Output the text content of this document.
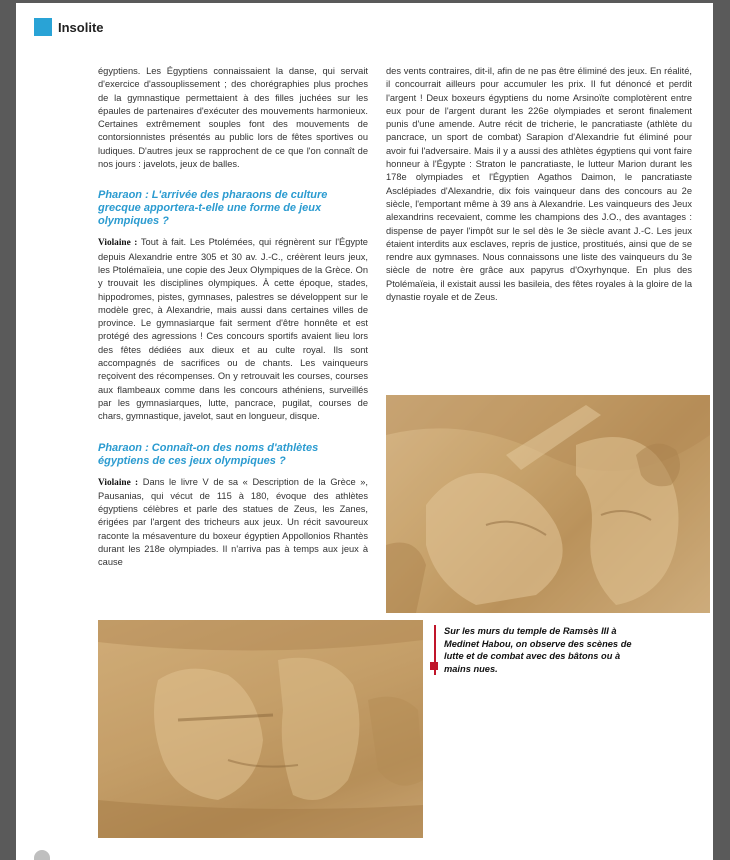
Insolite

égyptiens. Les Égyptiens connaissaient la danse, qui servait d'exercice d'assouplissement ; des chorégraphies plus proches de la gymnastique permettaient à des filles juchées sur les épaules de partenaires d'exécuter des mouvements harmonieux. Certaines extrêmement souples font des mouvements de contorsionnistes présentés au public lors de fêtes sportives ou ludiques. D'autres jeux se rapprochent de ce que l'on connaît de nos jours : javelots, jeux de balles.

Pharaon : L'arrivée des pharaons de culture grecque apportera-t-elle une forme de jeux olympiques ?

Violaine : Tout à fait. Les Ptolémées, qui régnèrent sur l'Égypte depuis Alexandrie entre 305 et 30 av. J.-C., créèrent leurs jeux, les Ptolémaïeia, une copie des Jeux Olympiques de la Grèce. On y trouvait les disciplines olympiques. À cette époque, stades, hippodromes, pistes, gymnases, palestres se développent sur le modèle grec, à Alexandrie, mais aussi dans certaines villes de province. Le gymnasiarque fait serment d'être honnête et est protégé des agressions ! Ces concours sportifs avaient lieu lors des fêtes dédiées aux dieux et au culte royal. Ils sont accompagnés de sacrifices ou de chants. Les vainqueurs reçoivent des récompenses. On y retrouvait les courses, courses aux flambeaux comme dans les concours athéniens, surveillés par les gymnasiarques, lutte, pancrace, pugilat, courses de chars, gymnastique, javelot, saut en longueur, disque.

Pharaon : Connaît-on des noms d'athlètes égyptiens de ces jeux olympiques ?

Violaine : Dans le livre V de sa « Description de la Grèce », Pausanias, qui vécut de 115 à 180, évoque des athlètes égyptiens célèbres et parle des statues de Zeus, les Zanes, érigées par l'argent des tricheurs aux jeux. Un récit savoureux raconte la mésaventure du boxeur égyptien Appollonios Rhantès durant les 218e olympiades. Il n'arriva pas à temps aux jeux à cause

des vents contraires, dit-il, afin de ne pas être éliminé des jeux. En réalité, il concourrait ailleurs pour accumuler les prix. Il fut dénoncé et perdit l'argent ! Deux boxeurs égyptiens du nome Arsinoïte complotèrent entre eux pour de l'argent durant les 226e olympiades et seront finalement punis d'une amende. Autre récit de tricherie, le pancratiaste (athlète du pancrace, un sport de combat) Sarapion d'Alexandrie fut éliminé pour avoir fui l'adversaire. Mais il y a aussi des athlètes égyptiens qui vont faire honneur à l'Égypte : Straton le pancratiaste, le lutteur Marion durant les 178e olympiades et l'Égyptien Agathos Daimon, le pancratiaste Asclépiades d'Alexandrie, dix fois vainqueur dans des concours au 2e siècle, l'emportant même à 39 ans à Alexandrie. Les vainqueurs des Jeux alexandrins recevaient, comme les champions des J.O., des avantages : dispense de payer l'impôt sur le sel dès le 3e siècle avant J.-C. Les jeux étaient interdits aux esclaves, repris de justice, prostitués, ainsi que de se rendre aux gymnases. Nous connaissons une liste des vainqueurs du 3e siècle de notre ère grâce aux papyrus d'Oxyrhynque. En plus des Ptolémaïeia, il existait aussi les basileia, des fêtes royales à la gloire de la dynastie royale et de Zeus.

Sur les murs du temple de Ramsès III à Medinet Habou, on observe des scènes de lutte et de combat avec des bâtons ou à mains nues.
